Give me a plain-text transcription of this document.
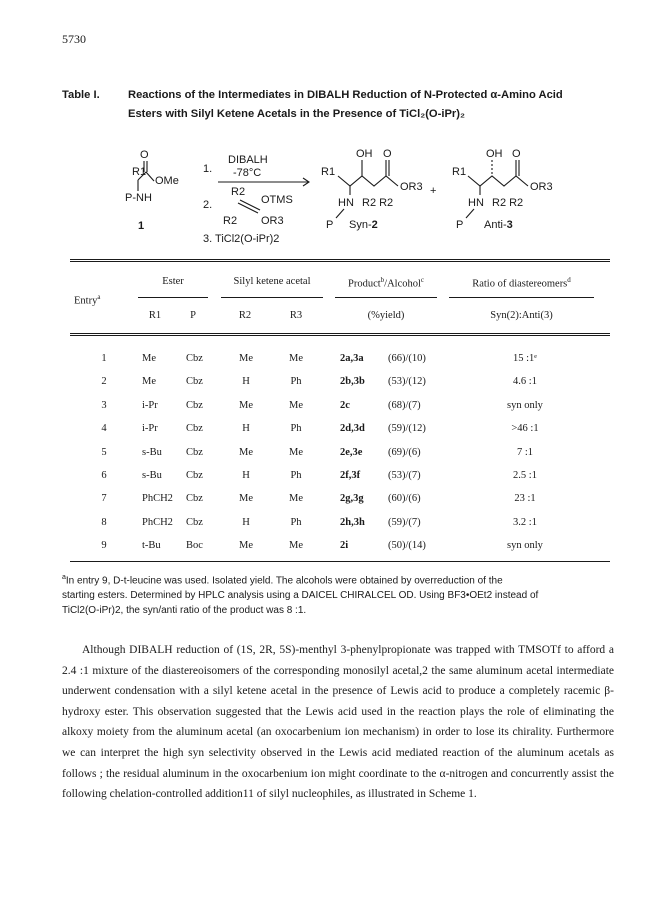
5730
Table I.	Reactions of the Intermediates in DIBALH Reduction of N-Protected α-Amino Acid
Esters with Silyl Ketene Acetals in the Presence of TiCl₂(O-iPr)₂
O
R1
OMe
P-NH
1
1.
DIBALH
-78°C
R2
2.	OTMS
R2 OR3
3. TiCl2(O-iPr)2
OH O
R1
OR3
HN R2 R2
P Syn-2
+
OH O
R1
OR3
HN R2 R2
P Anti-3
Entry$^a$
Ester	Silyl ketene acetal	Product$^b$/Alcohol$^c$	Ratio of diastereomers$^d$
R1	P	R2	R3	(%yield)	Syn(2):Anti(3)
1	Me	Cbz	Me	Me	2a,3a	(66)/(10)	15 :1ᵉ
2	Me	Cbz	H	Ph	2b,3b	(53)/(12)	4.6 :1
3	i-Pr	Cbz	Me	Me	2c	(68)/(7)	syn only
4	i-Pr	Cbz	H	Ph	2d,3d	(59)/(12)	>46 :1
5	s-Bu	Cbz	Me	Me	2e,3e	(69)/(6)	7 :1
6	s-Bu	Cbz	H	Ph	2f,3f	(53)/(7)	2.5 :1
7	PhCH2	Cbz	Me	Me	2g,3g	(60)/(6)	23 :1
8	PhCH2	Cbz	H	Ph	2h,3h	(59)/(7)	3.2 :1
9	t-Bu	Boc	Me	Me	2i	(50)/(14)	syn only
$^a$In entry 9, D-t-leucine was used. Isolated yield. The alcohols were obtained by overreduction of the
starting esters. Determined by HPLC analysis using a DAICEL CHIRALCEL OD. Using BF3•OEt2 instead of
TiCl2(O-iPr)2, the syn/anti ratio of the product was 8 :1.
Although DIBALH reduction of (1S, 2R, 5S)-menthyl 3-phenylpropionate was trapped with TMSOTf to afford a 2.4 :1 mixture of the diastereoisomers of the corresponding monosilyl acetal,2 the same aluminum acetal intermediate underwent condensation with a silyl ketene acetal in the presence of Lewis acid to produce a completely racemic β-hydroxy ester. This observation suggested that the Lewis acid used in the reaction plays the role of eliminating the alkoxy moiety from the aluminum acetal (an oxocarbenium ion mechanism) in order to lose its chirality. Furthermore we can interpret the high syn selectivity observed in the Lewis acid mediated reaction of the aluminum acetals as follows ; the residual aluminum in the oxocarbenium ion might coordinate to the α-nitrogen and concurrently assist the following chelation-controlled addition11 of silyl nucleophiles, as illustrated in Scheme 1.
